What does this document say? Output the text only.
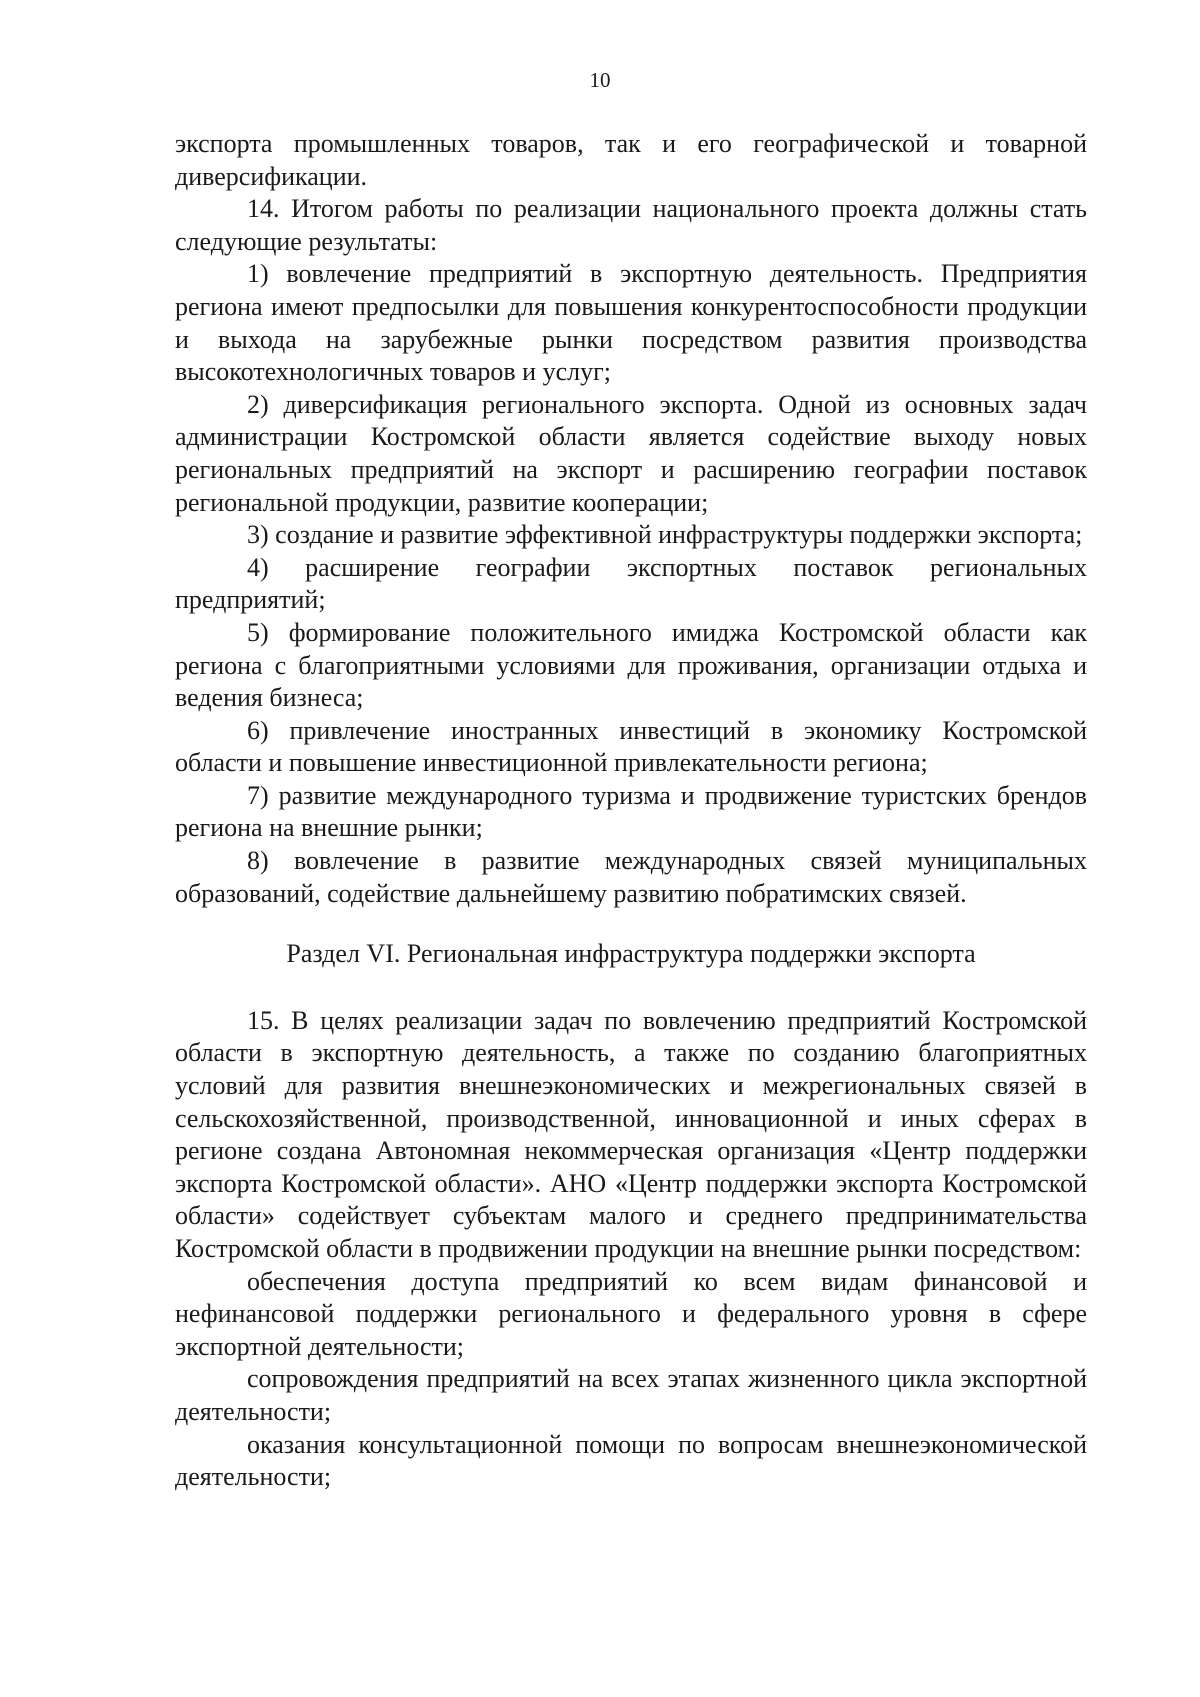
10

экспорта промышленных товаров, так и его географической и товарной диверсификации.

14. Итогом работы по реализации национального проекта должны стать следующие результаты:

1) вовлечение предприятий в экспортную деятельность. Предприятия региона имеют предпосылки для повышения конкурентоспособности продукции и выхода на зарубежные рынки посредством развития производства высокотехнологичных товаров и услуг;

2) диверсификация регионального экспорта. Одной из основных задач администрации Костромской области является содействие выходу новых региональных предприятий на экспорт и расширению географии поставок региональной продукции, развитие кооперации;

3) создание и развитие эффективной инфраструктуры поддержки экспорта;

4) расширение географии экспортных поставок региональных предприятий;

5) формирование положительного имиджа Костромской области как региона с благоприятными условиями для проживания, организации отдыха и ведения бизнеса;

6) привлечение иностранных инвестиций в экономику Костромской области и повышение инвестиционной привлекательности региона;

7) развитие международного туризма и продвижение туристских брендов региона на внешние рынки;

8) вовлечение в развитие международных связей муниципальных образований, содействие дальнейшему развитию побратимских связей.

Раздел VI. Региональная инфраструктура поддержки экспорта

15. В целях реализации задач по вовлечению предприятий Костромской области в экспортную деятельность, а также по созданию благоприятных условий для развития внешнеэкономических и межрегиональных связей в сельскохозяйственной, производственной, инновационной и иных сферах в регионе создана Автономная некоммерческая организация «Центр поддержки экспорта Костромской области». АНО «Центр поддержки экспорта Костромской области» содействует субъектам малого и среднего предпринимательства Костромской области в продвижении продукции на внешние рынки посредством:

обеспечения доступа предприятий ко всем видам финансовой и нефинансовой поддержки регионального и федерального уровня в сфере экспортной деятельности;

сопровождения предприятий на всех этапах жизненного цикла экспортной деятельности;

оказания консультационной помощи по вопросам внешнеэкономической деятельности;
